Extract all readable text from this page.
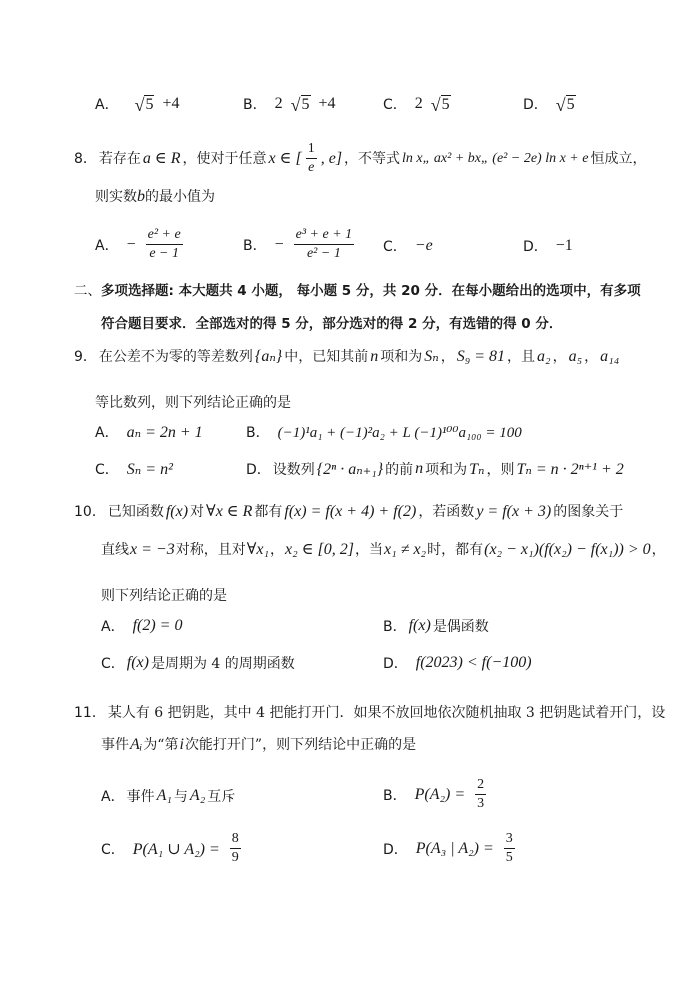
A． √ 5 +4	B． 2 √ 5 +4	C． 2 √ 5	D． √ 5
8． 若存在 a ∈ R ，使对于任意 x ∈ [ $\frac{1}{e}$ , e] ，不等式 ln x„ ax² + bx„ (e² − 2e) ln x + e 恒成立，
则实数b的最小值为
A． − $\frac{\text{e² + e}}{e - 1}$	B． − $\frac{\text{e³ + e + 1}}{\text{e² − 1}}$ C． −e	D． −1
二、多项选择题: 本大题共 4 小题， 每小题 5 分，共 20 分．在每小题给出的选项中，有多项
符合题目要求．全部选对的得 5 分，部分选对的得 2 分，有选错的得 0 分．
9． 在公差不为零的等差数列 {aₙ} 中，已知其前 n 项和为 Sₙ ， S₉ = 81 ，且 a₂ ， a₅ ， a₁₄
等比数列，则下列结论正确的是
A． aₙ = 2n + 1	B． (−1)¹a₁ + (−1)²a₂ + L (−1)¹⁰⁰a₁₀₀ = 100
C． Sₙ = n²	D． 设数列 {2ⁿ · aₙ₊₁} 的前 n 项和为 Tₙ ，则 Tₙ = n · 2ⁿ⁺¹ + 2
10． 已知函数 f(x) 对 ∀x ∈ R 都有 f(x) = f(x + 4) + f(2) ，若函数 y = f(x + 3) 的图象关于
直线 x = −3 对称，且对 ∀x₁ ， x₂ ∈ [0, 2] ，当 x₁ ≠ x₂ 时，都有 (x₂ − x₁)(f(x₂) − f(x₁)) > 0 ，
则下列结论正确的是
A． f(2) = 0	B． f(x) 是偶函数
C． f(x) 是周期为 4 的周期函数	D． f(2023) < f(−100)
11． 某人有 6 把钥匙，其中 4 把能打开门．如果不放回地依次随机抽取 3 把钥匙试着开门，设
事件 Aᵢ 为“第 i 次能打开门”，则下列结论中正确的是
A． 事件 A₁ 与 A₂ 互斥	B． $P(A_2) = \frac{2}{3}$
C． P(A₁ ∪ $A_2) = \frac{8}{9}$	D． P(A₃ | $A_2) = \frac{3}{5}$
